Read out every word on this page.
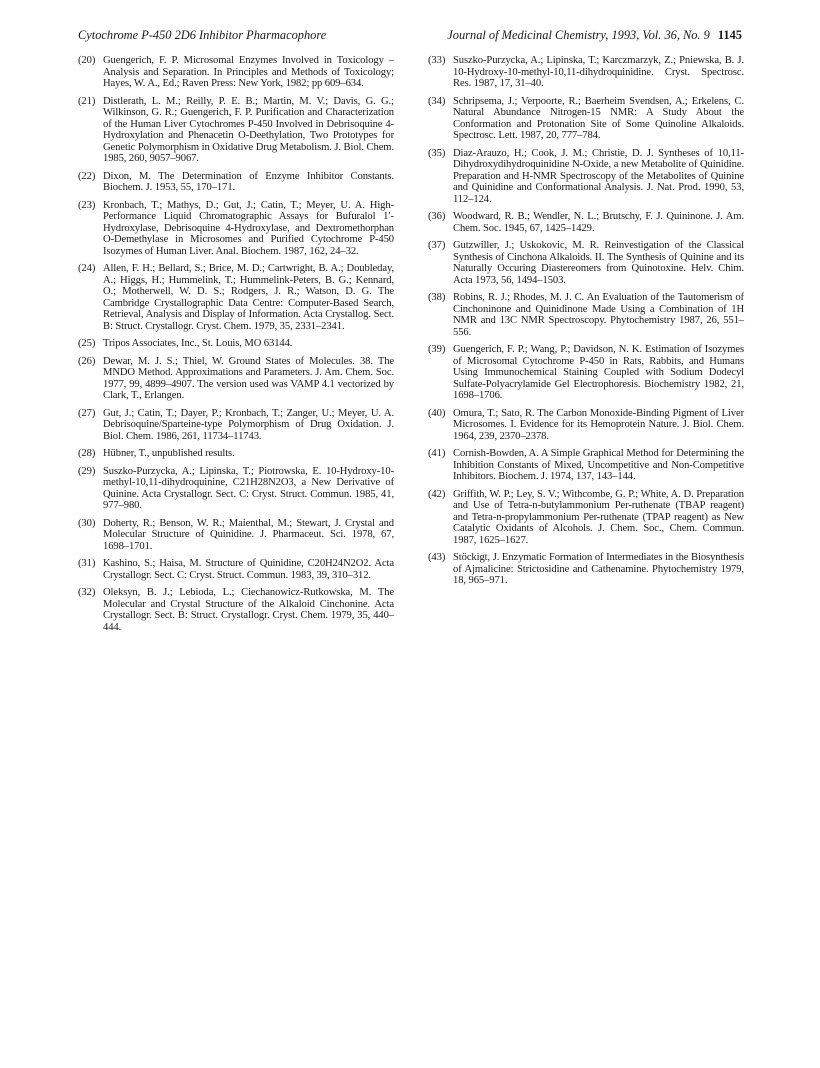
Cytochrome P-450 2D6 Inhibitor Pharmacophore	Journal of Medicinal Chemistry, 1993, Vol. 36, No. 9 1145
(20) Guengerich, F. P. Microsomal Enzymes Involved in Toxicology – Analysis and Separation. In Principles and Methods of Toxicology; Hayes, W. A., Ed.; Raven Press: New York, 1982; pp 609–634.
(21) Distlerath, L. M.; Reilly, P. E. B.; Martin, M. V.; Davis, G. G.; Wilkinson, G. R.; Guengerich, F. P. Purification and Characterization of the Human Liver Cytochromes P-450 Involved in Debrisoquine 4-Hydroxylation and Phenacetin O-Deethylation, Two Prototypes for Genetic Polymorphism in Oxidative Drug Metabolism. J. Biol. Chem. 1985, 260, 9057–9067.
(22) Dixon, M. The Determination of Enzyme Inhibitor Constants. Biochem. J. 1953, 55, 170–171.
(23) Kronbach, T.; Mathys, D.; Gut, J.; Catin, T.; Meyer, U. A. High-Performance Liquid Chromatographic Assays for Bufuralol 1′-Hydroxylase, Debrisoquine 4-Hydroxylase, and Dextromethorphan O-Demethylase in Microsomes and Purified Cytochrome P-450 Isozymes of Human Liver. Anal. Biochem. 1987, 162, 24–32.
(24) Allen, F. H.; Bellard, S.; Brice, M. D.; Cartwright, B. A.; Doubleday, A.; Higgs, H.; Hummelink, T.; Hummelink-Peters, B. G.; Kennard, O.; Motherwell, W. D. S.; Rodgers, J. R.; Watson, D. G. The Cambridge Crystallographic Data Centre: Computer-Based Search, Retrieval, Analysis and Display of Information. Acta Crystallog. Sect. B: Struct. Crystallogr. Cryst. Chem. 1979, 35, 2331–2341.
(25) Tripos Associates, Inc., St. Louis, MO 63144.
(26) Dewar, M. J. S.; Thiel, W. Ground States of Molecules. 38. The MNDO Method. Approximations and Parameters. J. Am. Chem. Soc. 1977, 99, 4899–4907. The version used was VAMP 4.1 vectorized by Clark, T., Erlangen.
(27) Gut, J.; Catin, T.; Dayer, P.; Kronbach, T.; Zanger, U.; Meyer, U. A. Debrisoquine/Sparteine-type Polymorphism of Drug Oxidation. J. Biol. Chem. 1986, 261, 11734–11743.
(28) Hübner, T., unpublished results.
(29) Suszko-Purzycka, A.; Lipinska, T.; Piotrowska, E. 10-Hydroxy-10-methyl-10,11-dihydroquinine, C21H28N2O3, a New Derivative of Quinine. Acta Crystallogr. Sect. C: Cryst. Struct. Commun. 1985, 41, 977–980.
(30) Doherty, R.; Benson, W. R.; Maienthal, M.; Stewart, J. Crystal and Molecular Structure of Quinidine. J. Pharmaceut. Sci. 1978, 67, 1698–1701.
(31) Kashino, S.; Haisa, M. Structure of Quinidine, C20H24N2O2. Acta Crystallogr. Sect. C: Cryst. Struct. Commun. 1983, 39, 310–312.
(32) Oleksyn, B. J.; Lebioda, L.; Ciechanowicz-Rutkowska, M. The Molecular and Crystal Structure of the Alkaloid Cinchonine. Acta Crystallogr. Sect. B: Struct. Crystallogr. Cryst. Chem. 1979, 35, 440–444.
(33) Suszko-Purzycka, A.; Lipinska, T.; Karczmarzyk, Z.; Pniewska, B. J. 10-Hydroxy-10-methyl-10,11-dihydroquinidine. Cryst. Spectrosc. Res. 1987, 17, 31–40.
(34) Schripsema, J.; Verpoorte, R.; Baerheim Svendsen, A.; Erkelens, C. Natural Abundance Nitrogen-15 NMR: A Study About the Conformation and Protonation Site of Some Quinoline Alkaloids. Spectrosc. Lett. 1987, 20, 777–784.
(35) Diaz-Arauzo, H.; Cook, J. M.; Christie, D. J. Syntheses of 10,11-Dihydroxydihydroquinidine N-Oxide, a new Metabolite of Quinidine. Preparation and H-NMR Spectroscopy of the Metabolites of Quinine and Quinidine and Conformational Analysis. J. Nat. Prod. 1990, 53, 112–124.
(36) Woodward, R. B.; Wendler, N. L.; Brutschy, F. J. Quininone. J. Am. Chem. Soc. 1945, 67, 1425–1429.
(37) Gutzwiller, J.; Uskokovic, M. R. Reinvestigation of the Classical Synthesis of Cinchona Alkaloids. II. The Synthesis of Quinine and its Naturally Occuring Diastereomers from Quinotoxine. Helv. Chim. Acta 1973, 56, 1494–1503.
(38) Robins, R. J.; Rhodes, M. J. C. An Evaluation of the Tautomerism of Cinchoninone and Quinidinone Made Using a Combination of 1H NMR and 13C NMR Spectroscopy. Phytochemistry 1987, 26, 551–556.
(39) Guengerich, F. P.; Wang, P.; Davidson, N. K. Estimation of Isozymes of Microsomal Cytochrome P-450 in Rats, Rabbits, and Humans Using Immunochemical Staining Coupled with Sodium Dodecyl Sulfate-Polyacrylamide Gel Electrophoresis. Biochemistry 1982, 21, 1698–1706.
(40) Omura, T.; Sato, R. The Carbon Monoxide-Binding Pigment of Liver Microsomes. I. Evidence for its Hemoprotein Nature. J. Biol. Chem. 1964, 239, 2370–2378.
(41) Cornish-Bowden, A. A Simple Graphical Method for Determining the Inhibition Constants of Mixed, Uncompetitive and Non-Competitive Inhibitors. Biochem. J. 1974, 137, 143–144.
(42) Griffith, W. P.; Ley, S. V.; Withcombe, G. P.; White, A. D. Preparation and Use of Tetra-n-butylammonium Per-ruthenate (TBAP reagent) and Tetra-n-propylammonium Per-ruthenate (TPAP reagent) as New Catalytic Oxidants of Alcohols. J. Chem. Soc., Chem. Commun. 1987, 1625–1627.
(43) Stöckigt, J. Enzymatic Formation of Intermediates in the Biosynthesis of Ajmalicine: Strictosidine and Cathenamine. Phytochemistry 1979, 18, 965–971.
